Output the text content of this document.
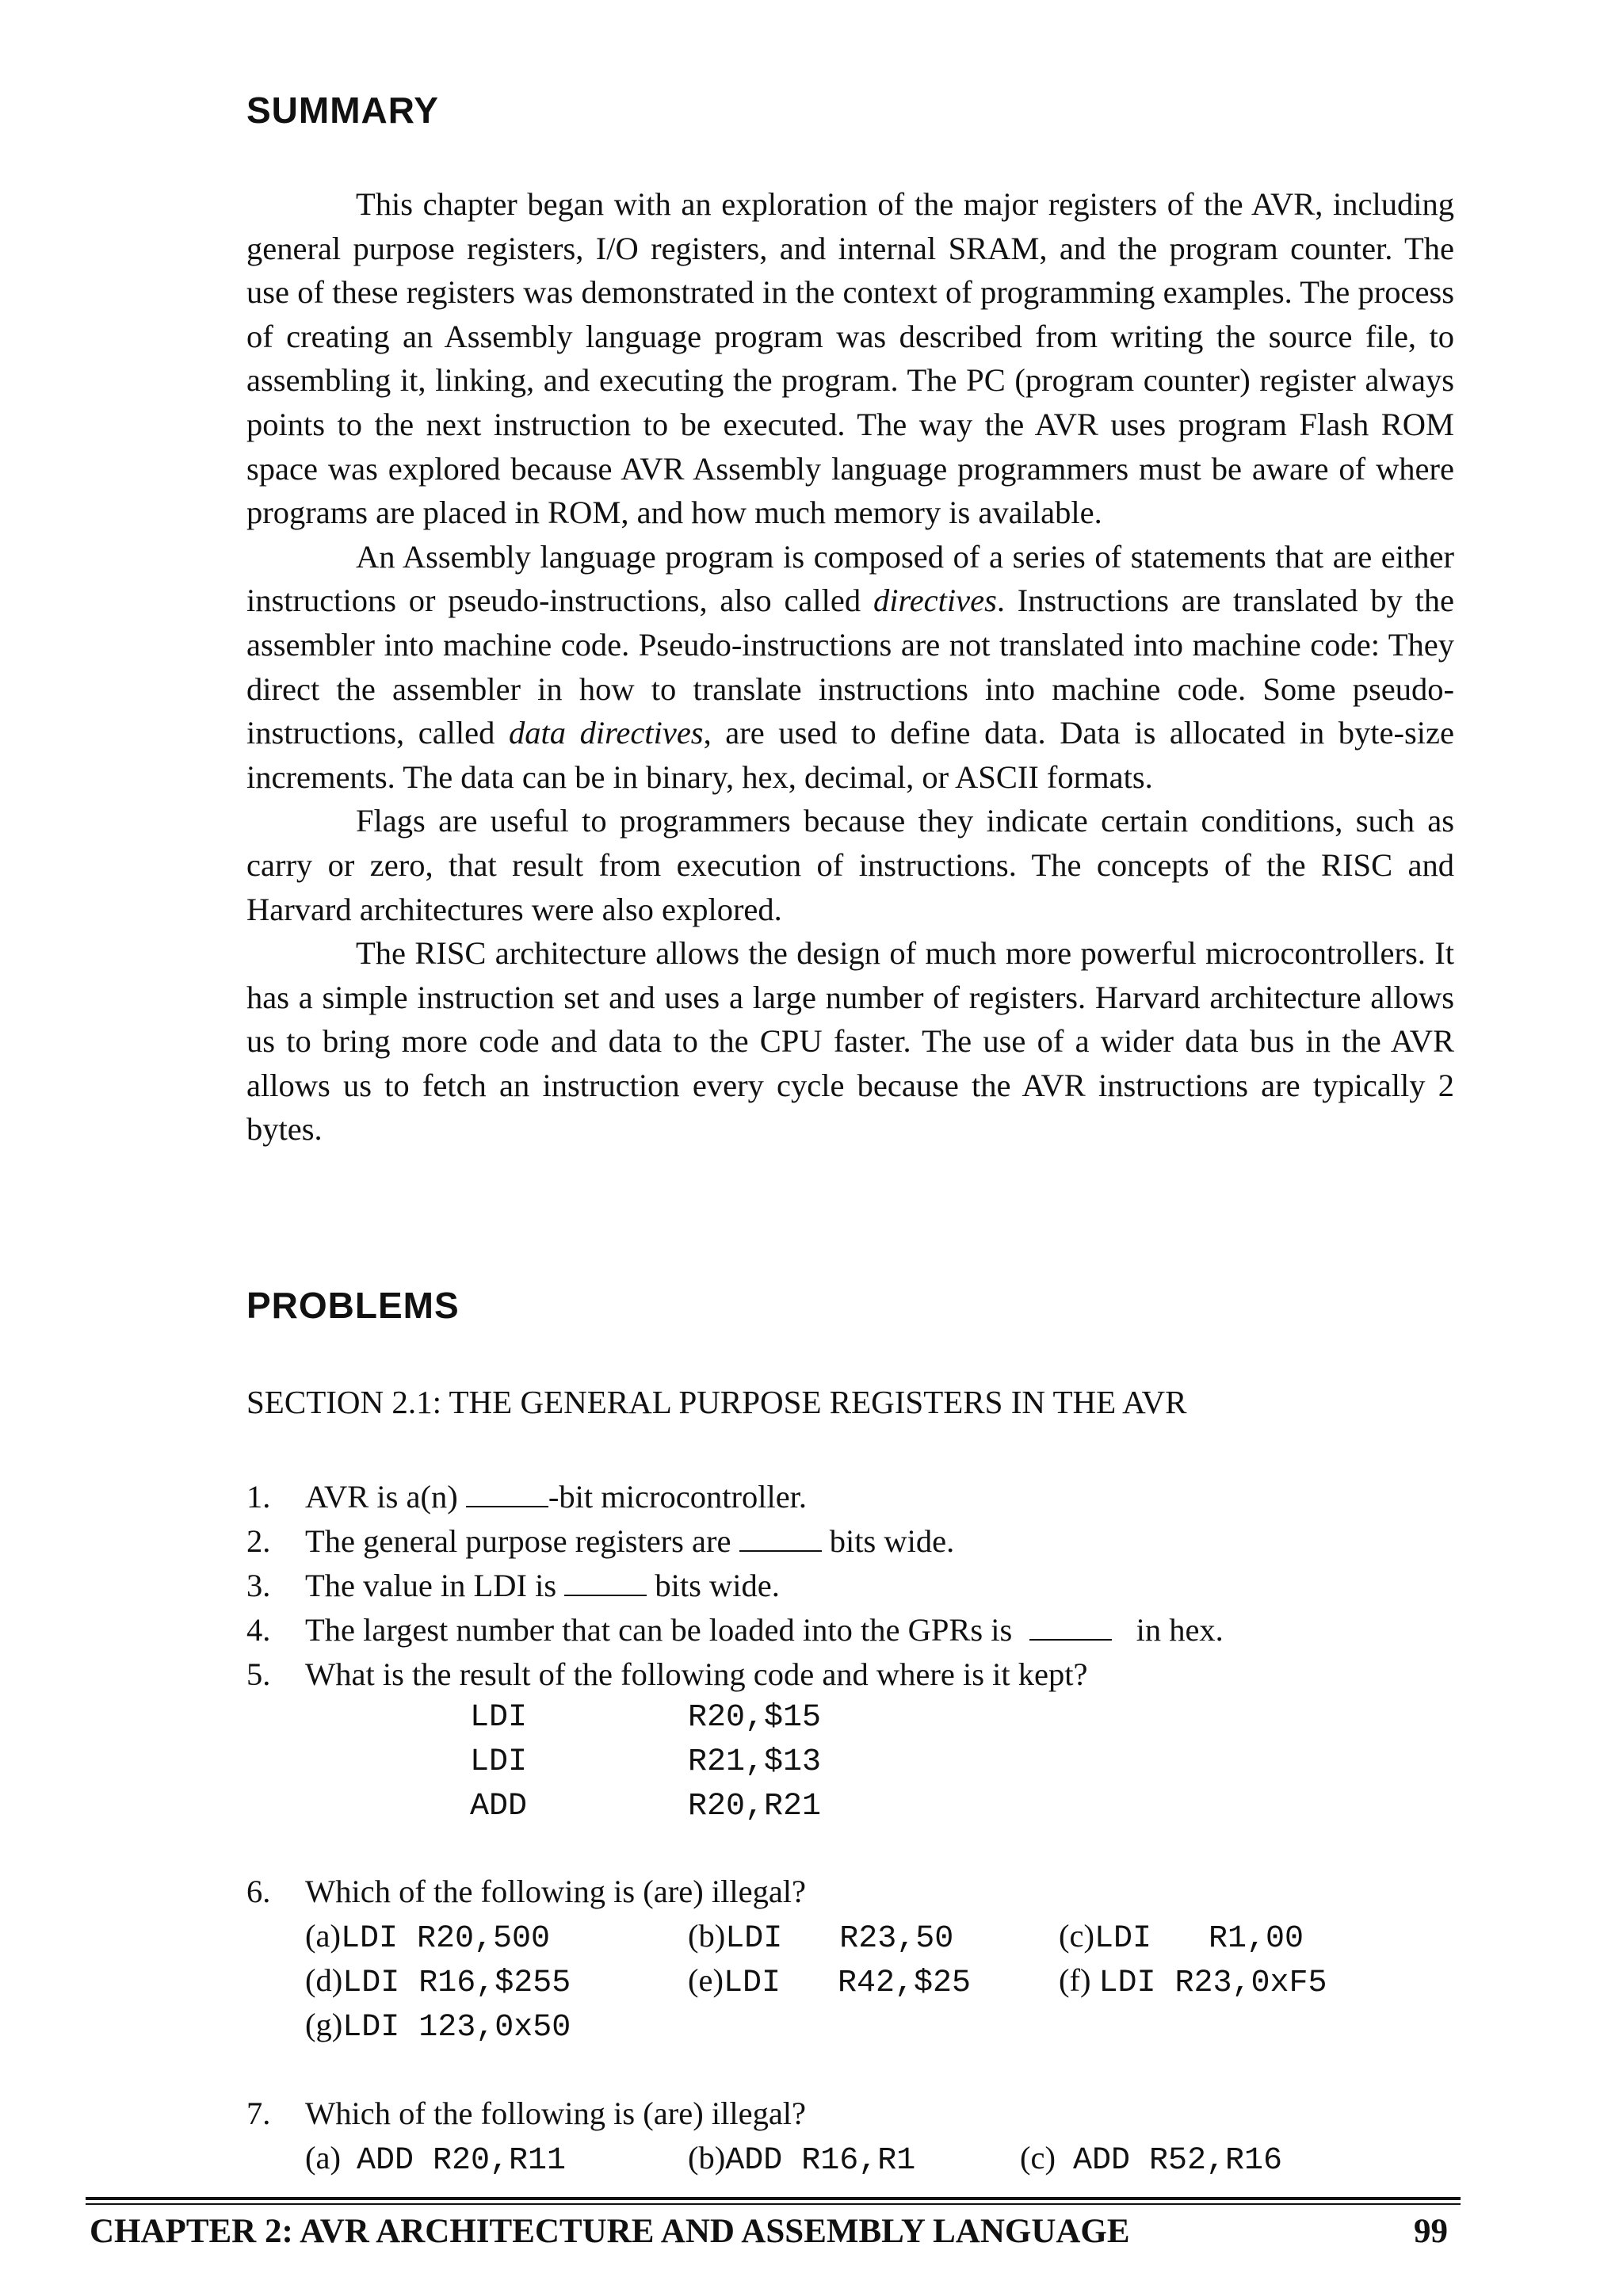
SUMMARY

This chapter began with an exploration of the major registers of the AVR, including general purpose registers, I/O registers, and internal SRAM, and the program counter. The use of these registers was demonstrated in the context of programming examples. The process of creating an Assembly language program was described from writing the source file, to assembling it, linking, and executing the program. The PC (program counter) register always points to the next instruction to be executed. The way the AVR uses program Flash ROM space was explored because AVR Assembly language programmers must be aware of where programs are placed in ROM, and how much memory is available.

An Assembly language program is composed of a series of statements that are either instructions or pseudo-instructions, also called directives. Instructions are translated by the assembler into machine code. Pseudo-instructions are not translated into machine code: They direct the assembler in how to translate instructions into machine code. Some pseudo-instructions, called data directives, are used to define data. Data is allocated in byte-size increments. The data can be in binary, hex, decimal, or ASCII formats.

Flags are useful to programmers because they indicate certain conditions, such as carry or zero, that result from execution of instructions. The concepts of the RISC and Harvard architectures were also explored.

The RISC architecture allows the design of much more powerful microcontrollers. It has a simple instruction set and uses a large number of registers. Harvard architecture allows us to bring more code and data to the CPU faster. The use of a wider data bus in the AVR allows us to fetch an instruction every cycle because the AVR instructions are typically 2 bytes.

PROBLEMS
SECTION 2.1: THE GENERAL PURPOSE REGISTERS IN THE AVR
1. AVR is a(n)	-bit microcontroller.
2. The general purpose registers are	bits wide.
3. The value in LDI is	bits wide.
4. The largest number that can be loaded into the GPRs is	in hex.
5. What is the result of the following code and where is it kept?
LDI	R20,$15
LDI	R21,$13
ADD	R20,R21
6. Which of the following is (are) illegal?
(a)LDI R20,500	(b)LDI R23,50	(c)LDI R1,00
(d)LDI R16,$255	(e)LDI R42,$25	(f) LDI R23,0xF5
(g)LDI 123,0x50
7. Which of the following is (are) illegal?
(a) ADD R20,R11	(b)ADD R16,R1	(c) ADD R52,R16
CHAPTER 2: AVR ARCHITECTURE AND ASSEMBLY LANGUAGE	99
